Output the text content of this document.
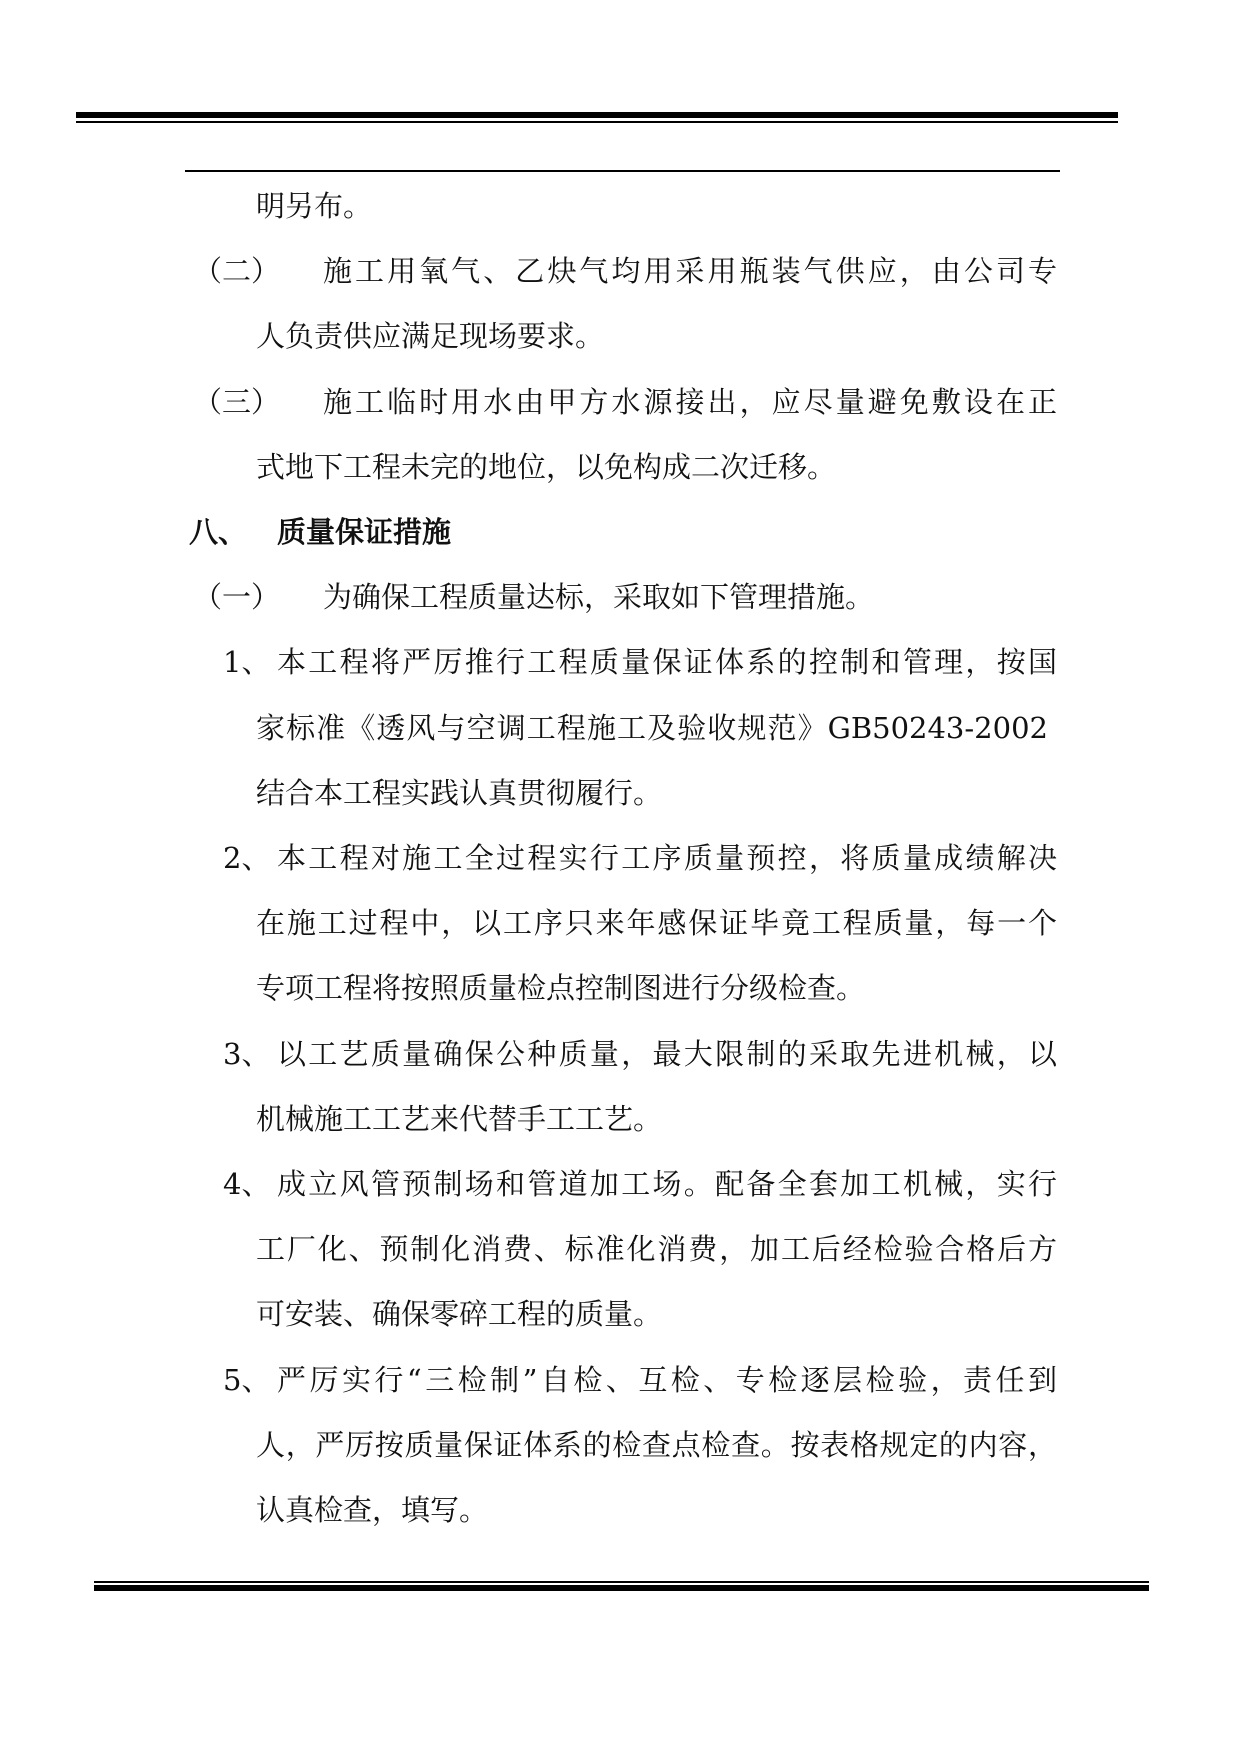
明另布。
（二） 施工用氧气、乙炔气均用采用瓶装气供应，由公司专
人负责供应满足现场要求。
（三） 施工临时用水由甲方水源接出，应尽量避免敷设在正
式地下工程未完的地位，以免构成二次迁移。
八、 质量保证措施
（一） 为确保工程质量达标，采取如下管理措施。
1、 本工程将严厉推行工程质量保证体系的控制和管理，按国
家标准《透风与空调工程施工及验收规范》GB50243-2002
结合本工程实践认真贯彻履行。
2、 本工程对施工全过程实行工序质量预控，将质量成绩解决
在施工过程中，以工序只来年感保证毕竟工程质量，每一个
专项工程将按照质量检点控制图进行分级检查。
3、 以工艺质量确保公种质量，最大限制的采取先进机械，以
机械施工工艺来代替手工工艺。
4、 成立风管预制场和管道加工场。配备全套加工机械，实行
工厂化、预制化消费、标准化消费，加工后经检验合格后方
可安装、确保零碎工程的质量。
5、 严厉实行“三检制”自检、互检、专检逐层检验，责任到
人，严厉按质量保证体系的检查点检查。按表格规定的内容，
认真检查，填写。
